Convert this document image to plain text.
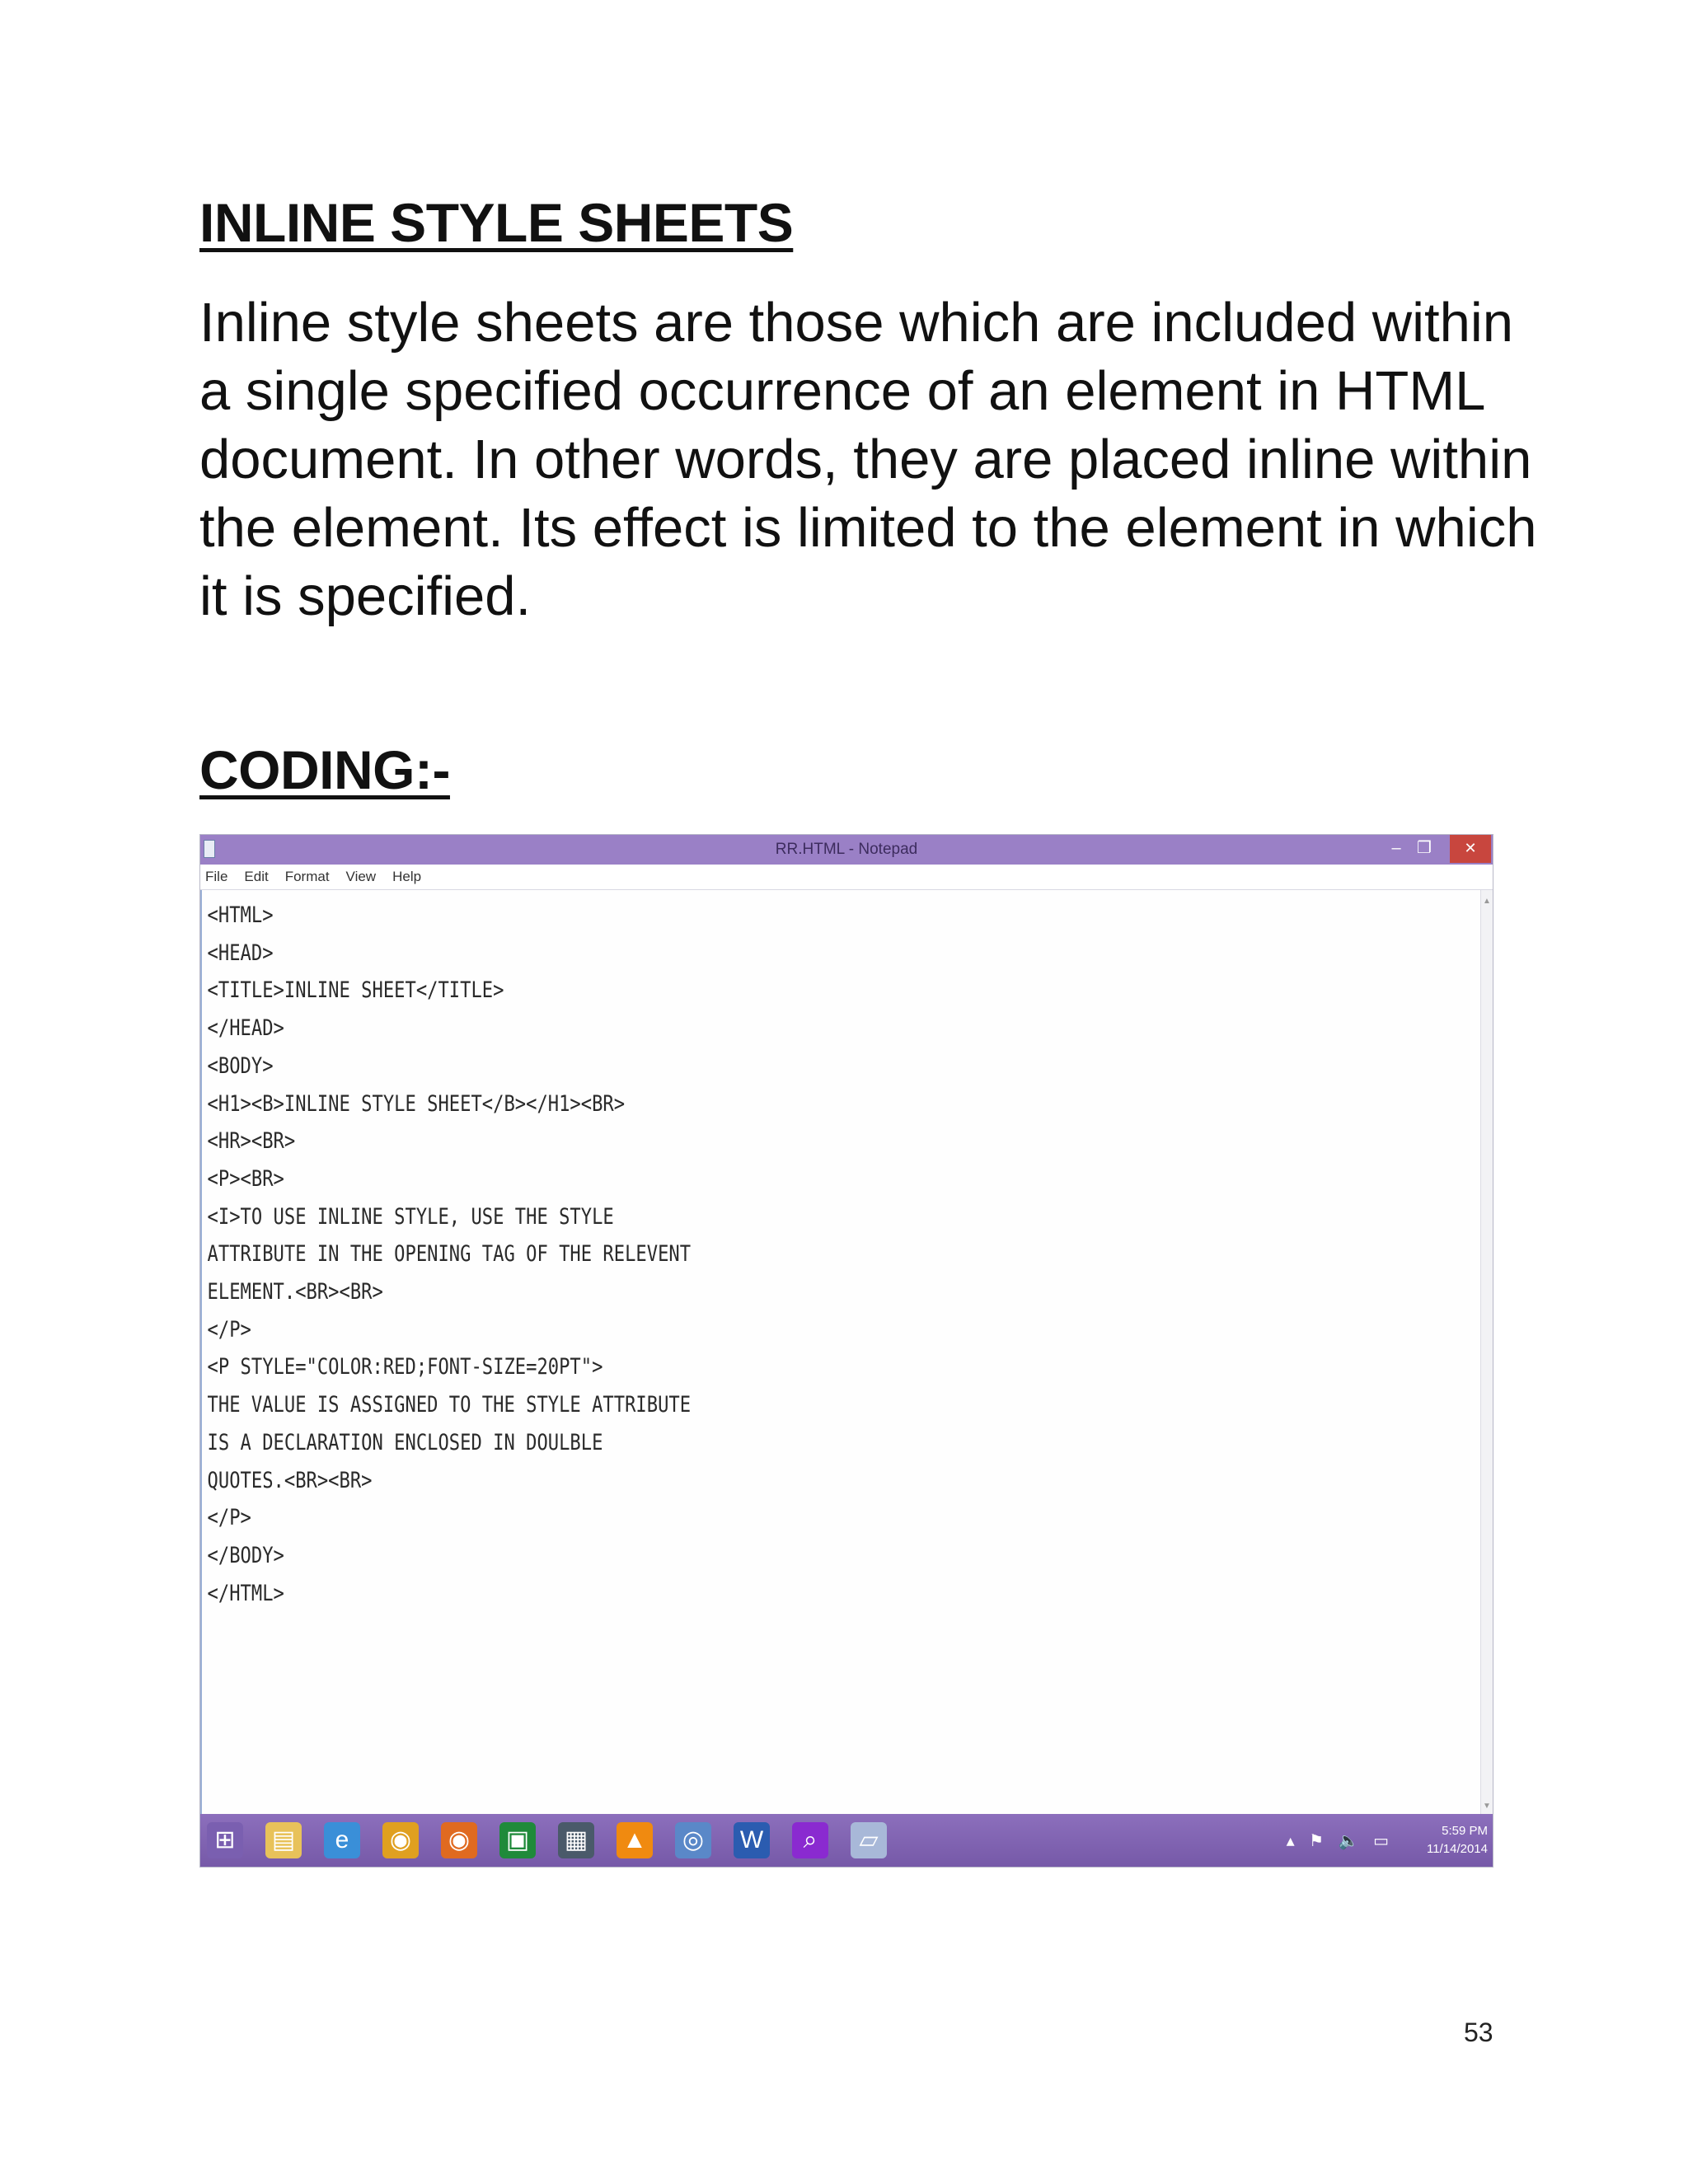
INLINE STYLE SHEETS

Inline style sheets are those which are included within a single specified occurrence of an element in HTML document. In other words, they are placed inline within the element. Its effect is limited to the element in which it is specified.

CODING:-
RR.HTML - Notepad	– ❐	✕
File Edit Format View Help
<HTML>
<HEAD>
<TITLE>INLINE SHEET</TITLE>
</HEAD>
<BODY>
<H1><B>INLINE STYLE SHEET</B></H1><BR>
<HR><BR>
<P><BR>
<I>TO USE INLINE STYLE, USE THE STYLE
ATTRIBUTE IN THE OPENING TAG OF THE RELEVENT
ELEMENT.<BR><BR>
</P>
<P STYLE="COLOR:RED;FONT-SIZE=20PT">
THE VALUE IS ASSIGNED TO THE STYLE ATTRIBUTE
IS A DECLARATION ENCLOSED IN DOULBLE
QUOTES.<BR><BR>
</P>
</BODY>
</HTML>

▲
▼
▴ ⚑ 🔈 ▭
5:59 PM
11/14/2014
⊞	▤	e	◉ ◉ ▣ ▦ ▲ ◎ W	⌕	▱
53
